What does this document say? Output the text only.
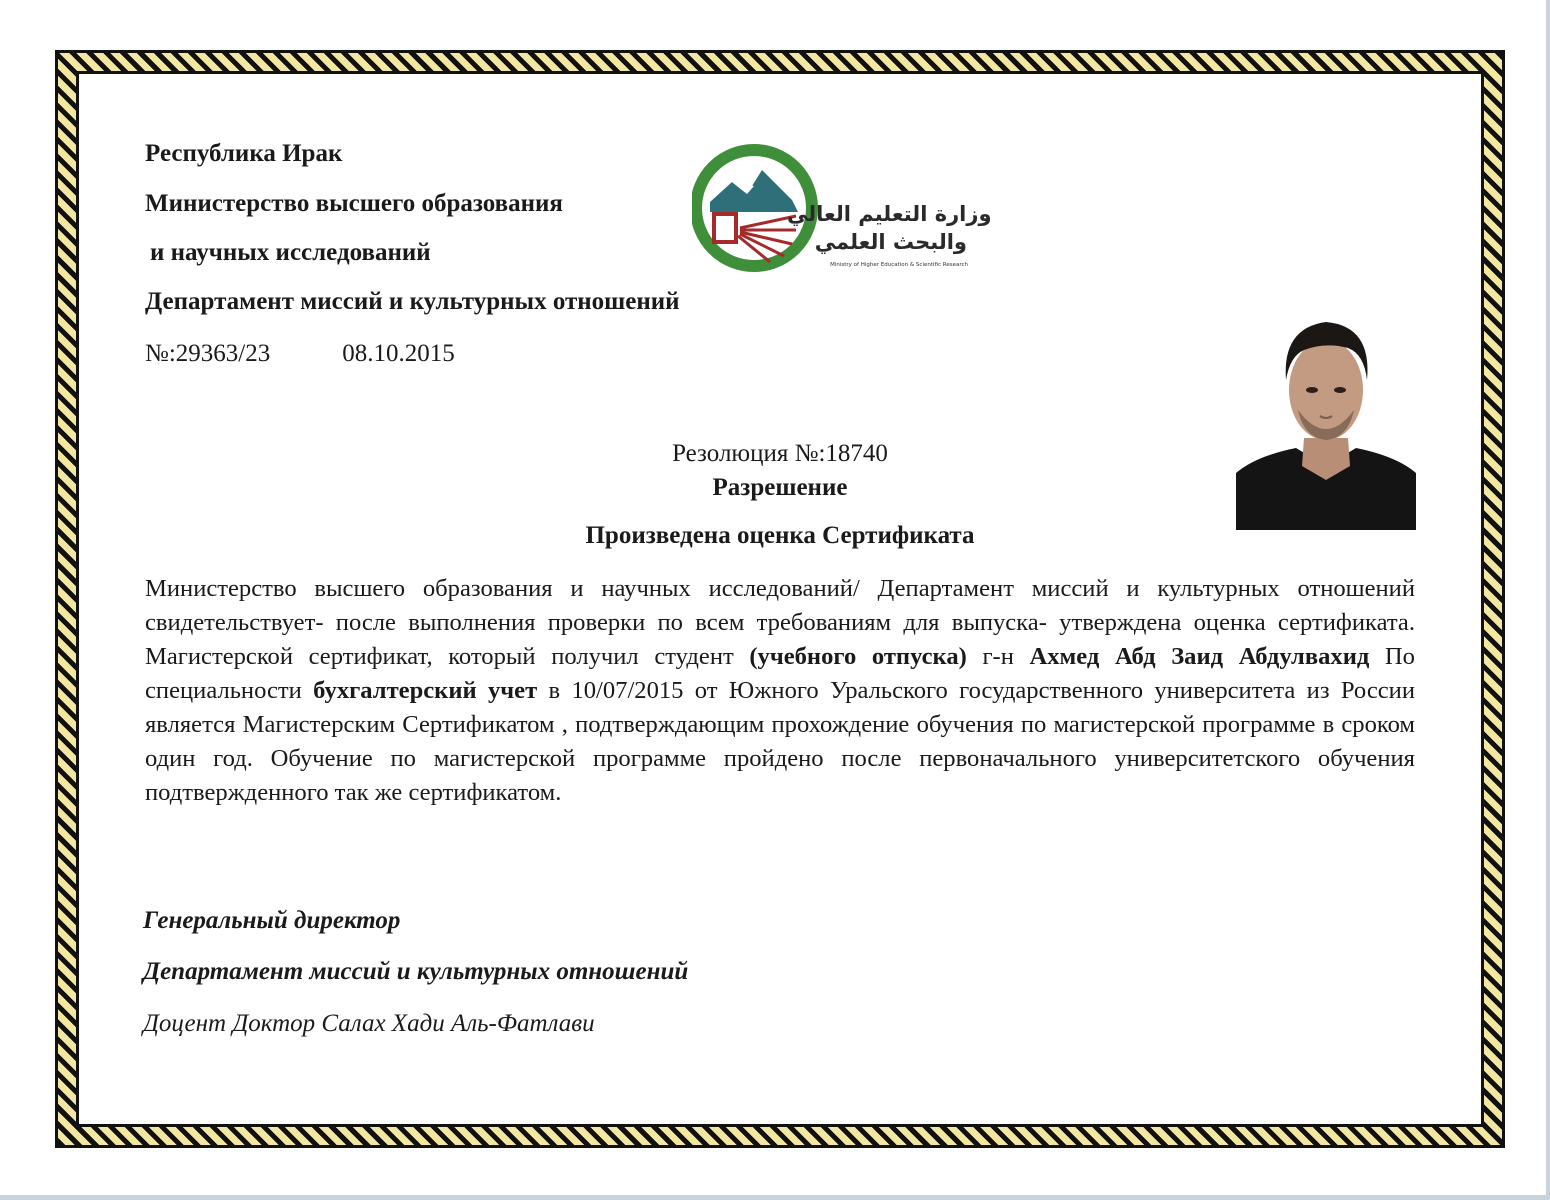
Республика Ирак
Министерство высшего образования
и научных исследований
Департамент миссий и культурных отношений
№:29363/23	08.10.2015
وزارة التعليم العالي
والبحث العلمي
Ministry of Higher Education & Scientific Research
Резолюция №:18740
Разрешение
Произведена оценка Сертификата
Министерство высшего образования и научных исследований/ Департамент миссий и культурных отношений свидетельствует- после выполнения проверки по всем требованиям для выпуска- утверждена оценка сертификата. Магистерской сертификат, который получил студент (учебного отпуска) г-н Ахмед Абд Заид Абдулвахид По специальности бухгалтерский учет в 10/07/2015 от Южного Уральского государственного университета из России является Магистерским Сертификатом , подтверждающим прохождение обучения по магистерской программе в сроком один год. Обучение по магистерской программе пройдено после первоначального университетского обучения подтвержденного так же сертификатом.
Генеральный директор
Департамент миссий и культурных отношений
Доцент Доктор Салах Хади Аль-Фатлави
